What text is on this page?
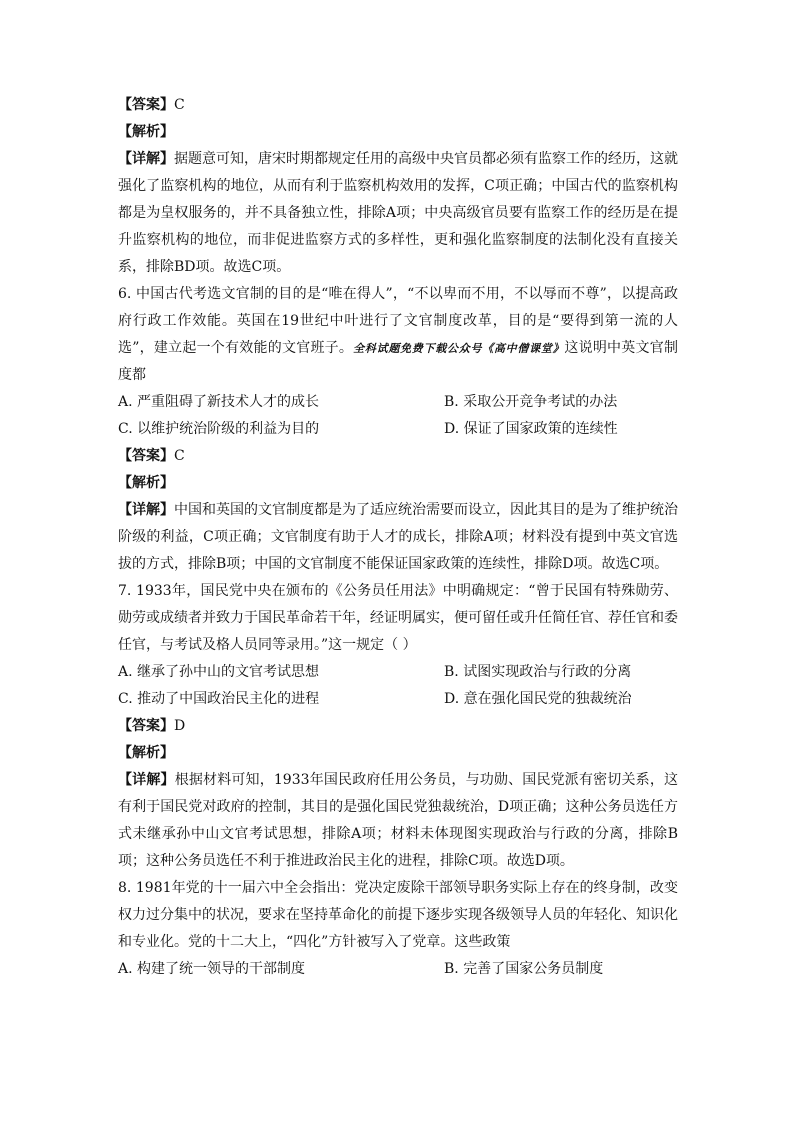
【答案】C
【解析】
【详解】据题意可知，唐宋时期都规定任用的高级中央官员都必须有监察工作的经历，这就强化了监察机构的地位，从而有利于监察机构效用的发挥，C项正确；中国古代的监察机构都是为皇权服务的，并不具备独立性，排除A项；中央高级官员要有监察工作的经历是在提升监察机构的地位，而非促进监察方式的多样性，更和强化监察制度的法制化没有直接关系，排除BD项。故选C项。
6. 中国古代考选文官制的目的是“唯在得人”，“不以卑而不用，不以辱而不尊”，以提高政府行政工作效能。英国在19世纪中叶进行了文官制度改革，目的是“要得到第一流的人选”，建立起一个有效能的文官班子。全科试题免费下载公众号《高中僧课堂》这说明中英文官制度都
A. 严重阻碍了新技术人才的成长	B. 采取公开竞争考试的办法
C. 以维护统治阶级的利益为目的	D. 保证了国家政策的连续性
【答案】C
【解析】
【详解】中国和英国的文官制度都是为了适应统治需要而设立，因此其目的是为了维护统治阶级的利益，C项正确；文官制度有助于人才的成长，排除A项；材料没有提到中英文官选拔的方式，排除B项；中国的文官制度不能保证国家政策的连续性，排除D项。故选C项。
7. 1933年，国民党中央在颁布的《公务员任用法》中明确规定：“曾于民国有特殊勋劳、勋劳或成绩者并致力于国民革命若干年，经证明属实，便可留任或升任简任官、荐任官和委任官，与考试及格人员同等录用。”这一规定（ ）
A. 继承了孙中山的文官考试思想	B. 试图实现政治与行政的分离
C. 推动了中国政治民主化的进程	D. 意在强化国民党的独裁统治
【答案】D
【解析】
【详解】根据材料可知，1933年国民政府任用公务员，与功勋、国民党派有密切关系，这有利于国民党对政府的控制，其目的是强化国民党独裁统治，D项正确；这种公务员选任方式未继承孙中山文官考试思想，排除A项；材料未体现图实现政治与行政的分离，排除B项；这种公务员选任不利于推进政治民主化的进程，排除C项。故选D项。
8. 1981年党的十一届六中全会指出：党决定废除干部领导职务实际上存在的终身制，改变权力过分集中的状况，要求在坚持革命化的前提下逐步实现各级领导人员的年轻化、知识化和专业化。党的十二大上，“四化”方针被写入了党章。这些政策
A. 构建了统一领导的干部制度	B. 完善了国家公务员制度
